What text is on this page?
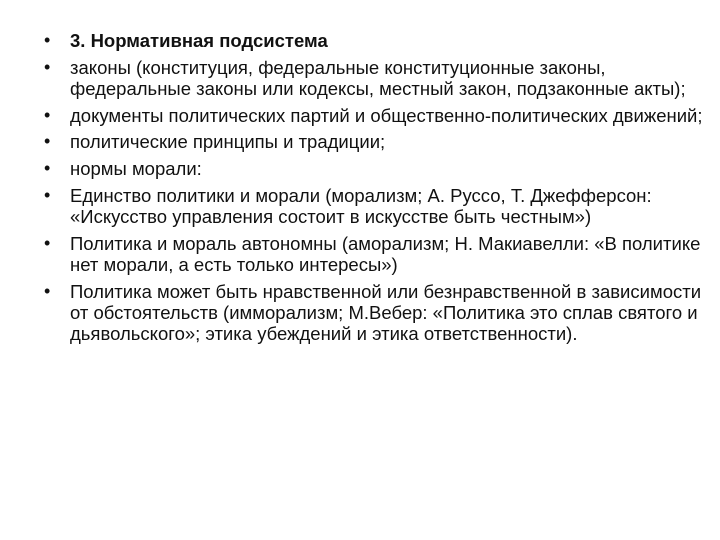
•	3. Нормативная подсистема
•	законы (конституция, федеральные конституционные законы, федеральные законы или кодексы, местный закон, подзаконные акты);
•	документы политических партий и общественно-политических движений;
•	политические принципы и традиции;
•	нормы морали:
•	Единство политики и морали (морализм; А. Руссо, Т. Джефферсон: «Искусство управления состоит в искусстве быть честным»)
•	Политика и мораль автономны (аморализм; Н. Макиавелли: «В политике нет морали, а есть только интересы»)
•	Политика может быть нравственной или безнравственной в зависимости от обстоятельств (имморализм; М.Вебер: «Политика это сплав святого и дьявольского»; этика убеждений и этика ответственности).
